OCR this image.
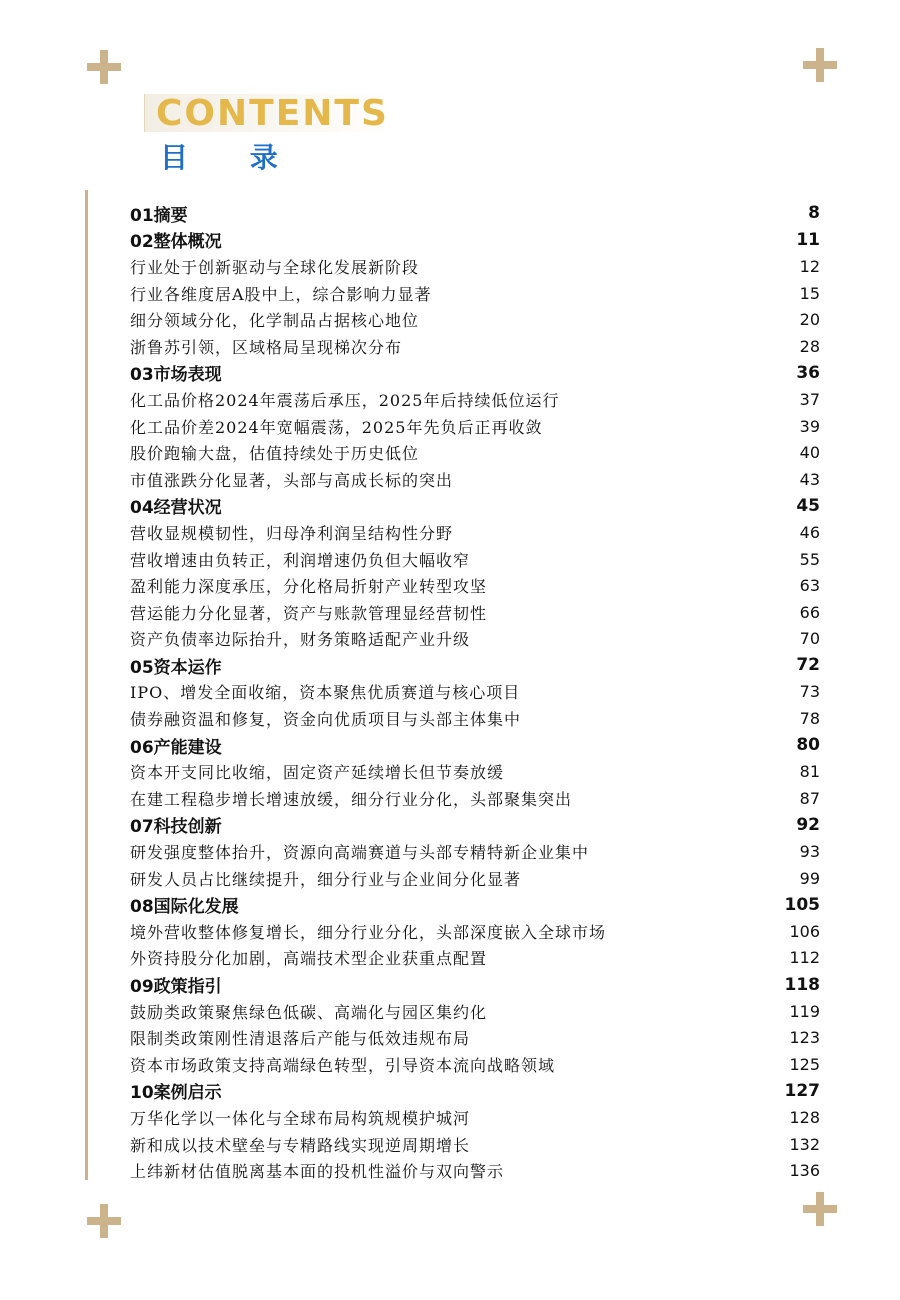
CONTENTS
目 录
01摘要	8
02整体概况	11
行业处于创新驱动与全球化发展新阶段	12
行业各维度居A股中上，综合影响力显著	15
细分领域分化，化学制品占据核心地位	20
浙鲁苏引领，区域格局呈现梯次分布	28
03市场表现	36
化工品价格2024年震荡后承压，2025年后持续低位运行	37
化工品价差2024年宽幅震荡，2025年先负后正再收敛	39
股价跑输大盘，估值持续处于历史低位	40
市值涨跌分化显著，头部与高成长标的突出	43
04经营状况	45
营收显规模韧性，归母净利润呈结构性分野	46
营收增速由负转正，利润增速仍负但大幅收窄	55
盈利能力深度承压，分化格局折射产业转型攻坚	63
营运能力分化显著，资产与账款管理显经营韧性	66
资产负债率边际抬升，财务策略适配产业升级	70
05资本运作	72
IPO、增发全面收缩，资本聚焦优质赛道与核心项目	73
债券融资温和修复，资金向优质项目与头部主体集中	78
06产能建设	80
资本开支同比收缩，固定资产延续增长但节奏放缓	81
在建工程稳步增长增速放缓，细分行业分化，头部聚集突出	87
07科技创新	92
研发强度整体抬升，资源向高端赛道与头部专精特新企业集中	93
研发人员占比继续提升，细分行业与企业间分化显著	99
08国际化发展	105
境外营收整体修复增长，细分行业分化，头部深度嵌入全球市场	106
外资持股分化加剧，高端技术型企业获重点配置	112
09政策指引	118
鼓励类政策聚焦绿色低碳、高端化与园区集约化	119
限制类政策刚性清退落后产能与低效违规布局	123
资本市场政策支持高端绿色转型，引导资本流向战略领域	125
10案例启示	127
万华化学以一体化与全球布局构筑规模护城河	128
新和成以技术壁垒与专精路线实现逆周期增长	132
上纬新材估值脱离基本面的投机性溢价与双向警示	136
